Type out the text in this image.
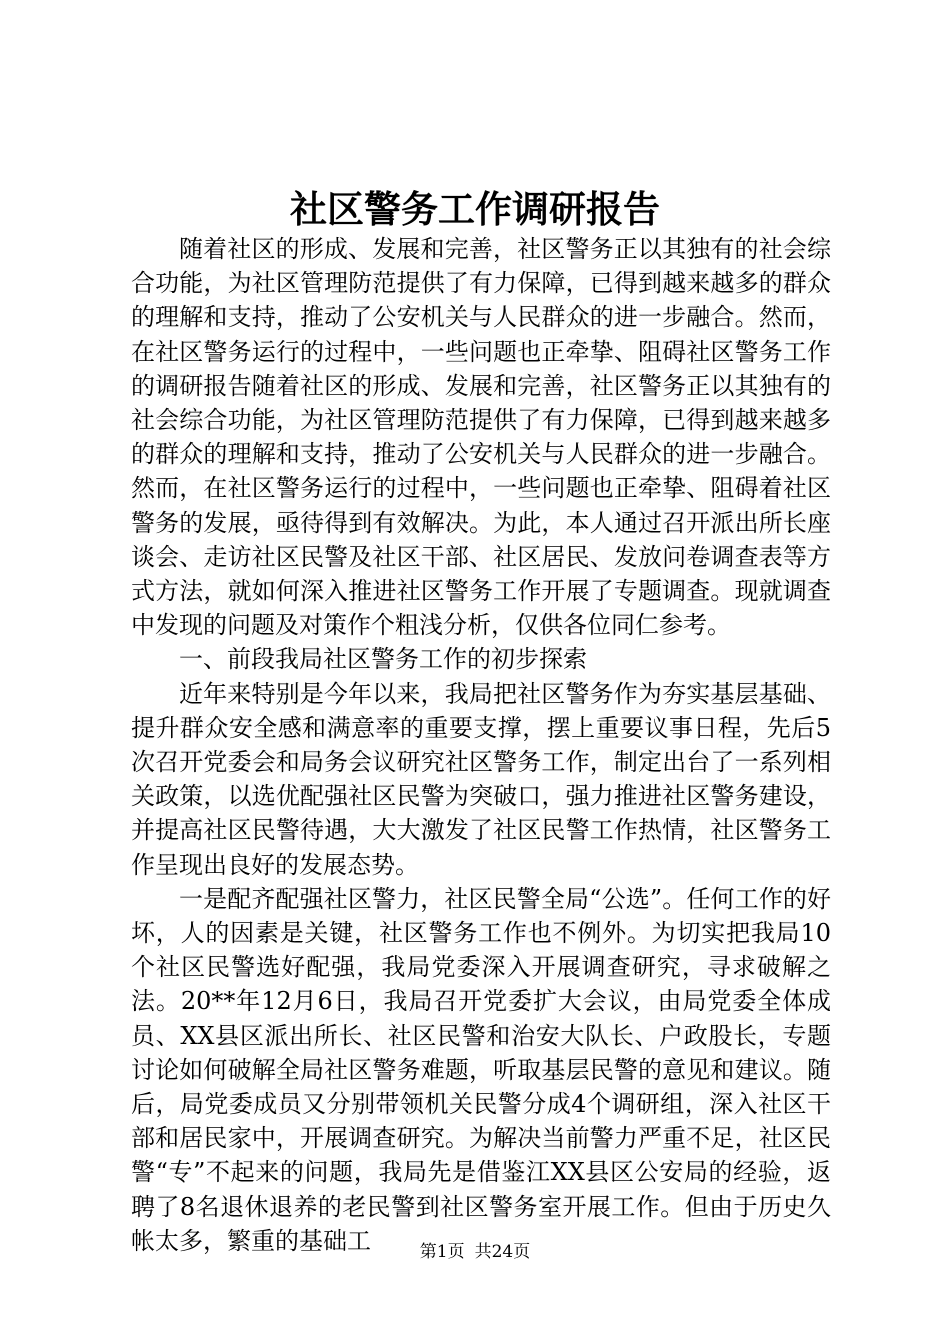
社区警务工作调研报告

随着社区的形成、发展和完善，社区警务正以其独有的社会综合功能，为社区管理防范提供了有力保障，已得到越来越多的群众的理解和支持，推动了公安机关与人民群众的进一步融合。然而，在社区警务运行的过程中，一些问题也正牵挚、阻碍社区警务工作的调研报告随着社区的形成、发展和完善，社区警务正以其独有的社会综合功能，为社区管理防范提供了有力保障，已得到越来越多的群众的理解和支持，推动了公安机关与人民群众的进一步融合。然而，在社区警务运行的过程中，一些问题也正牵挚、阻碍着社区警务的发展，亟待得到有效解决。为此，本人通过召开派出所长座谈会、走访社区民警及社区干部、社区居民、发放问卷调查表等方式方法，就如何深入推进社区警务工作开展了专题调查。现就调查中发现的问题及对策作个粗浅分析，仅供各位同仁参考。

一、前段我局社区警务工作的初步探索

近年来特别是今年以来，我局把社区警务作为夯实基层基础、提升群众安全感和满意率的重要支撑，摆上重要议事日程，先后5次召开党委会和局务会议研究社区警务工作，制定出台了一系列相关政策，以选优配强社区民警为突破口，强力推进社区警务建设，并提高社区民警待遇，大大激发了社区民警工作热情，社区警务工作呈现出良好的发展态势。

一是配齐配强社区警力，社区民警全局“公选”。任何工作的好坏，人的因素是关键，社区警务工作也不例外。为切实把我局10个社区民警选好配强，我局党委深入开展调查研究，寻求破解之法。20**年12月6日，我局召开党委扩大会议，由局党委全体成员、XX县区派出所长、社区民警和治安大队长、户政股长，专题讨论如何破解全局社区警务难题，听取基层民警的意见和建议。随后，局党委成员又分别带领机关民警分成4个调研组，深入社区干部和居民家中，开展调查研究。为解决当前警力严重不足，社区民警“专”不起来的问题，我局先是借鉴江XX县区公安局的经验，返聘了8名退休退养的老民警到社区警务室开展工作。但由于历史久帐太多，繁重的基础工	第1页 共24页
